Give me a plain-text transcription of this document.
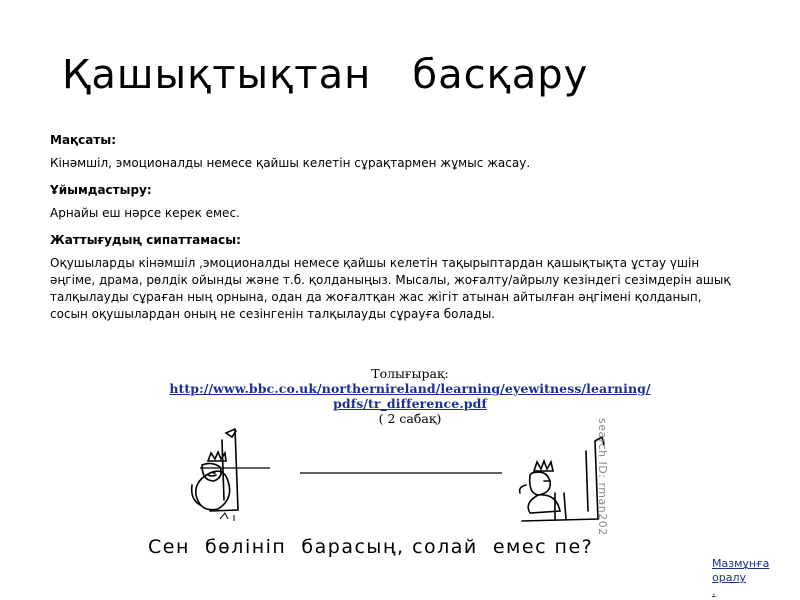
Қашықтықтан   басқару

Мақсаты:

Кінәмшіл, эмоционалды немесе қайшы келетін сұрақтармен жұмыс жасау.

Ұйымдастыру:

Арнайы еш нәрсе керек емес.

Жаттығудың сипаттамасы:

Оқушыларды кінәмшіл ,эмоционалды немесе қайшы келетін тақырыптардан қашықтықта ұстау үшін әңгіме, драма, рөлдік ойынды және т.б. қолданыңыз. Мысалы, жоғалту/айрылу кезіндегі сезімдерін ашық талқылауды сұраған ның орнына, одан да жоғалтқан жас жігіт атынан айтылған әңгімені қолданып, сосын оқушылардан оның не сезінгенін талқылауды сұрауға болады.

Толығырақ:
http://www.bbc.co.uk/northernireland/learning/eyewitness/learning/
pdfs/tr_difference.pdf
( 2 сабақ)	search ID: rman202
Сен  бөлініп  барасың, солай  емес пе?
Мазмұнға оралу
.
